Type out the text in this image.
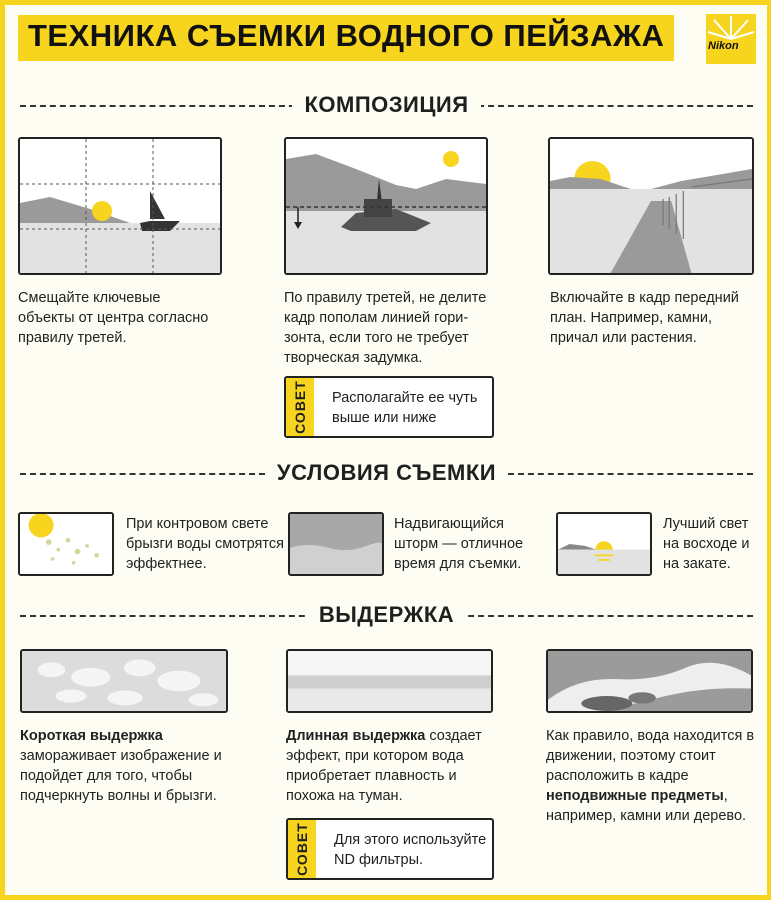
ТЕХНИКА СЪЕМКИ ВОДНОГО ПЕЙЗАЖА	Nikon
КОМПОЗИЦИЯ
Смещайте ключевые объекты от центра согласно правилу третей.
По правилу третей, не делите кадр пополам линией гори-зонта, если того не требует творческая задумка.
Включайте в кадр передний план. Например, камни, причал или растения.
СОВЕТ Располагайте ее чуть выше или ниже
УСЛОВИЯ СЪЕМКИ
При контровом свете брызги воды смотрятся эффектнее.
Надвигающийся шторм — отличное время для съемки.
Лучший свет на восходе и на закате.
ВЫДЕРЖКА
Короткая выдержка замораживает изображение и подойдет для того, чтобы подчеркнуть волны и брызги.
Длинная выдержка создает эффект, при котором вода приобретает плавность и похожа на туман.
Как правило, вода находится в движении, поэтому стоит расположить в кадре неподвижные предметы, например, камни или дерево.
СОВЕТ Для этого используйте ND фильтры.
